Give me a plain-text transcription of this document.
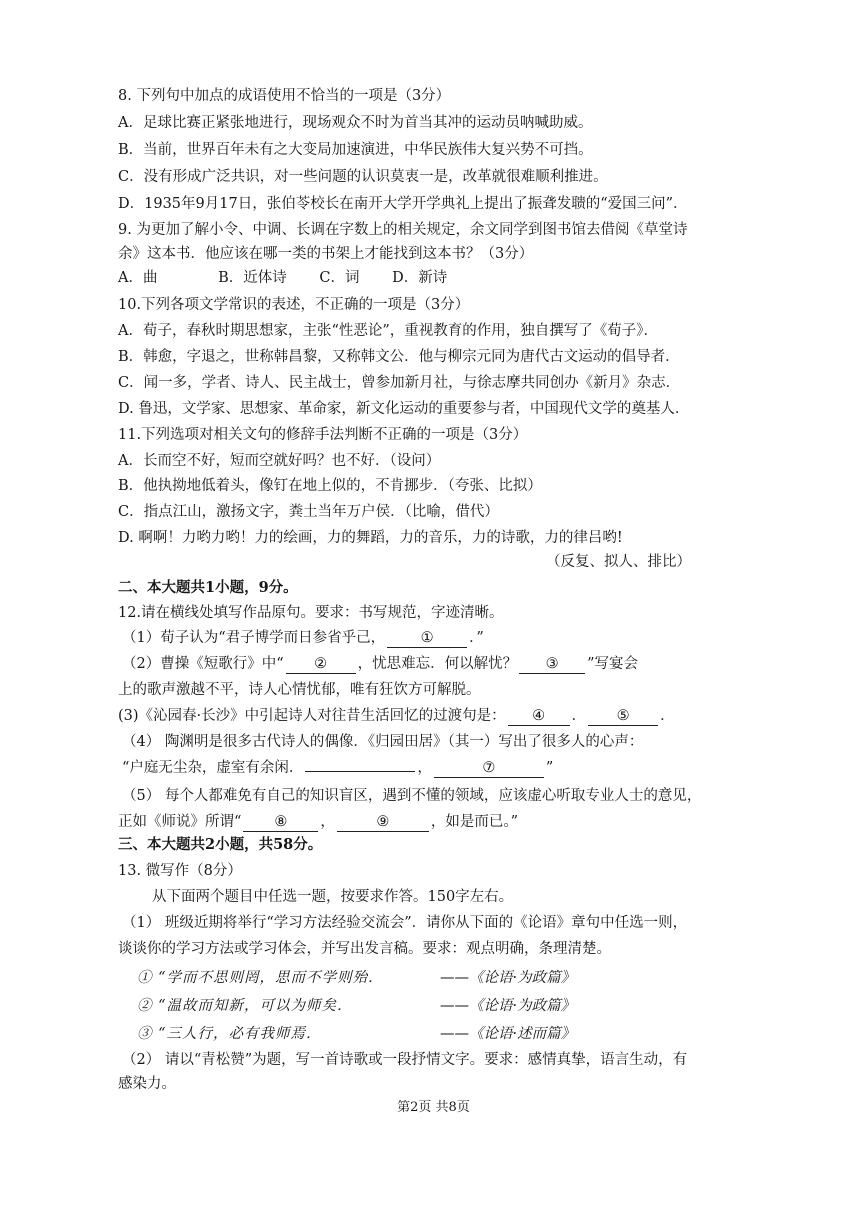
8. 下列句中加点的成语使用不恰当的一项是（3分）
A．足球比赛正紧张地进行，现场观众不时为首当其冲的运动员呐喊助威。
B．当前，世界百年未有之大变局加速演进，中华民族伟大复兴势不可挡。
C．没有形成广泛共识，对一些问题的认识莫衷一是，改革就很难顺利推进。
D．1935年9月17日，张伯苓校长在南开大学开学典礼上提出了振聋发聩的“爱国三问”．
9. 为更加了解小令、中调、长调在字数上的相关规定，余文同学到图书馆去借阅《草堂诗
余》这本书．他应该在哪一类的书架上才能找到这本书？（3分）
A．曲	B．近体诗 C．词 D．新诗
10.下列各项文学常识的表述，不正确的一项是（3分）
A．荀子，春秋时期思想家，主张“性恶论”，重视教育的作用，独自撰写了《荀子》．
B．韩愈，字退之，世称韩昌黎，又称韩文公．他与柳宗元同为唐代古文运动的倡导者．
C．闻一多，学者、诗人、民主战士，曾参加新月社，与徐志摩共同创办《新月》杂志．
D. 鲁迅，文学家、思想家、革命家，新文化运动的重要参与者，中国现代文学的奠基人．
11.下列选项对相关文句的修辞手法判断不正确的一项是（3分）
A．长而空不好，短而空就好吗？也不好．（设问）
B．他执拗地低着头，像钉在地上似的，不肯挪步．（夸张、比拟）
C．指点江山，激扬文字，粪土当年万户侯．（比喻，借代）
D. 啊啊！力哟力哟！力的绘画，力的舞蹈，力的音乐，力的诗歌，力的律吕哟!
（反复、拟人、排比）
二、本大题共1小题，9分。
12.请在横线处填写作品原句。要求：书写规范，字迹清晰。
（1）荀子认为“君子博学而日参省乎己， ① ．”
（2）曹操《短歌行》中“ ② ，忧思难忘．何以解忧？ ③ ”写宴会
上的歌声激越不平，诗人心情忧郁，唯有狂饮方可解脱。
(3)《沁园春·长沙》中引起诗人对往昔生活回忆的过渡句是： ④ ． ⑤ ．
（4） 陶渊明是很多古代诗人的偶像．《归园田居》（其一）写出了很多人的心声：
“户庭无尘杂，虚室有余闲．	，	⑦	”
（5） 每个人都难免有自己的知识盲区，遇到不懂的领域，应该虚心听取专业人士的意见，
正如《师说》所谓“ ⑧ ，	⑨	，如是而已。”
三、本大题共2小题，共58分。
13. 微写作（8分）
从下面两个题目中任选一题，按要求作答。150字左右。
（1） 班级近期将举行“学习方法经验交流会”．请你从下面的《论语》章句中任选一则，
谈谈你的学习方法或学习体会，并写出发言稿。要求：观点明确，条理清楚。
① “学而不思则罔，思而不学则殆．	——《论语·为政篇》
② “温故而知新，可以为师矣．	——《论语·为政篇》
③ “三人行，必有我师焉．	——《论语·述而篇》
（2） 请以“青松赞”为题，写一首诗歌或一段抒情文字。要求：感情真挚，语言生动，有
感染力。
第2页 共8页
